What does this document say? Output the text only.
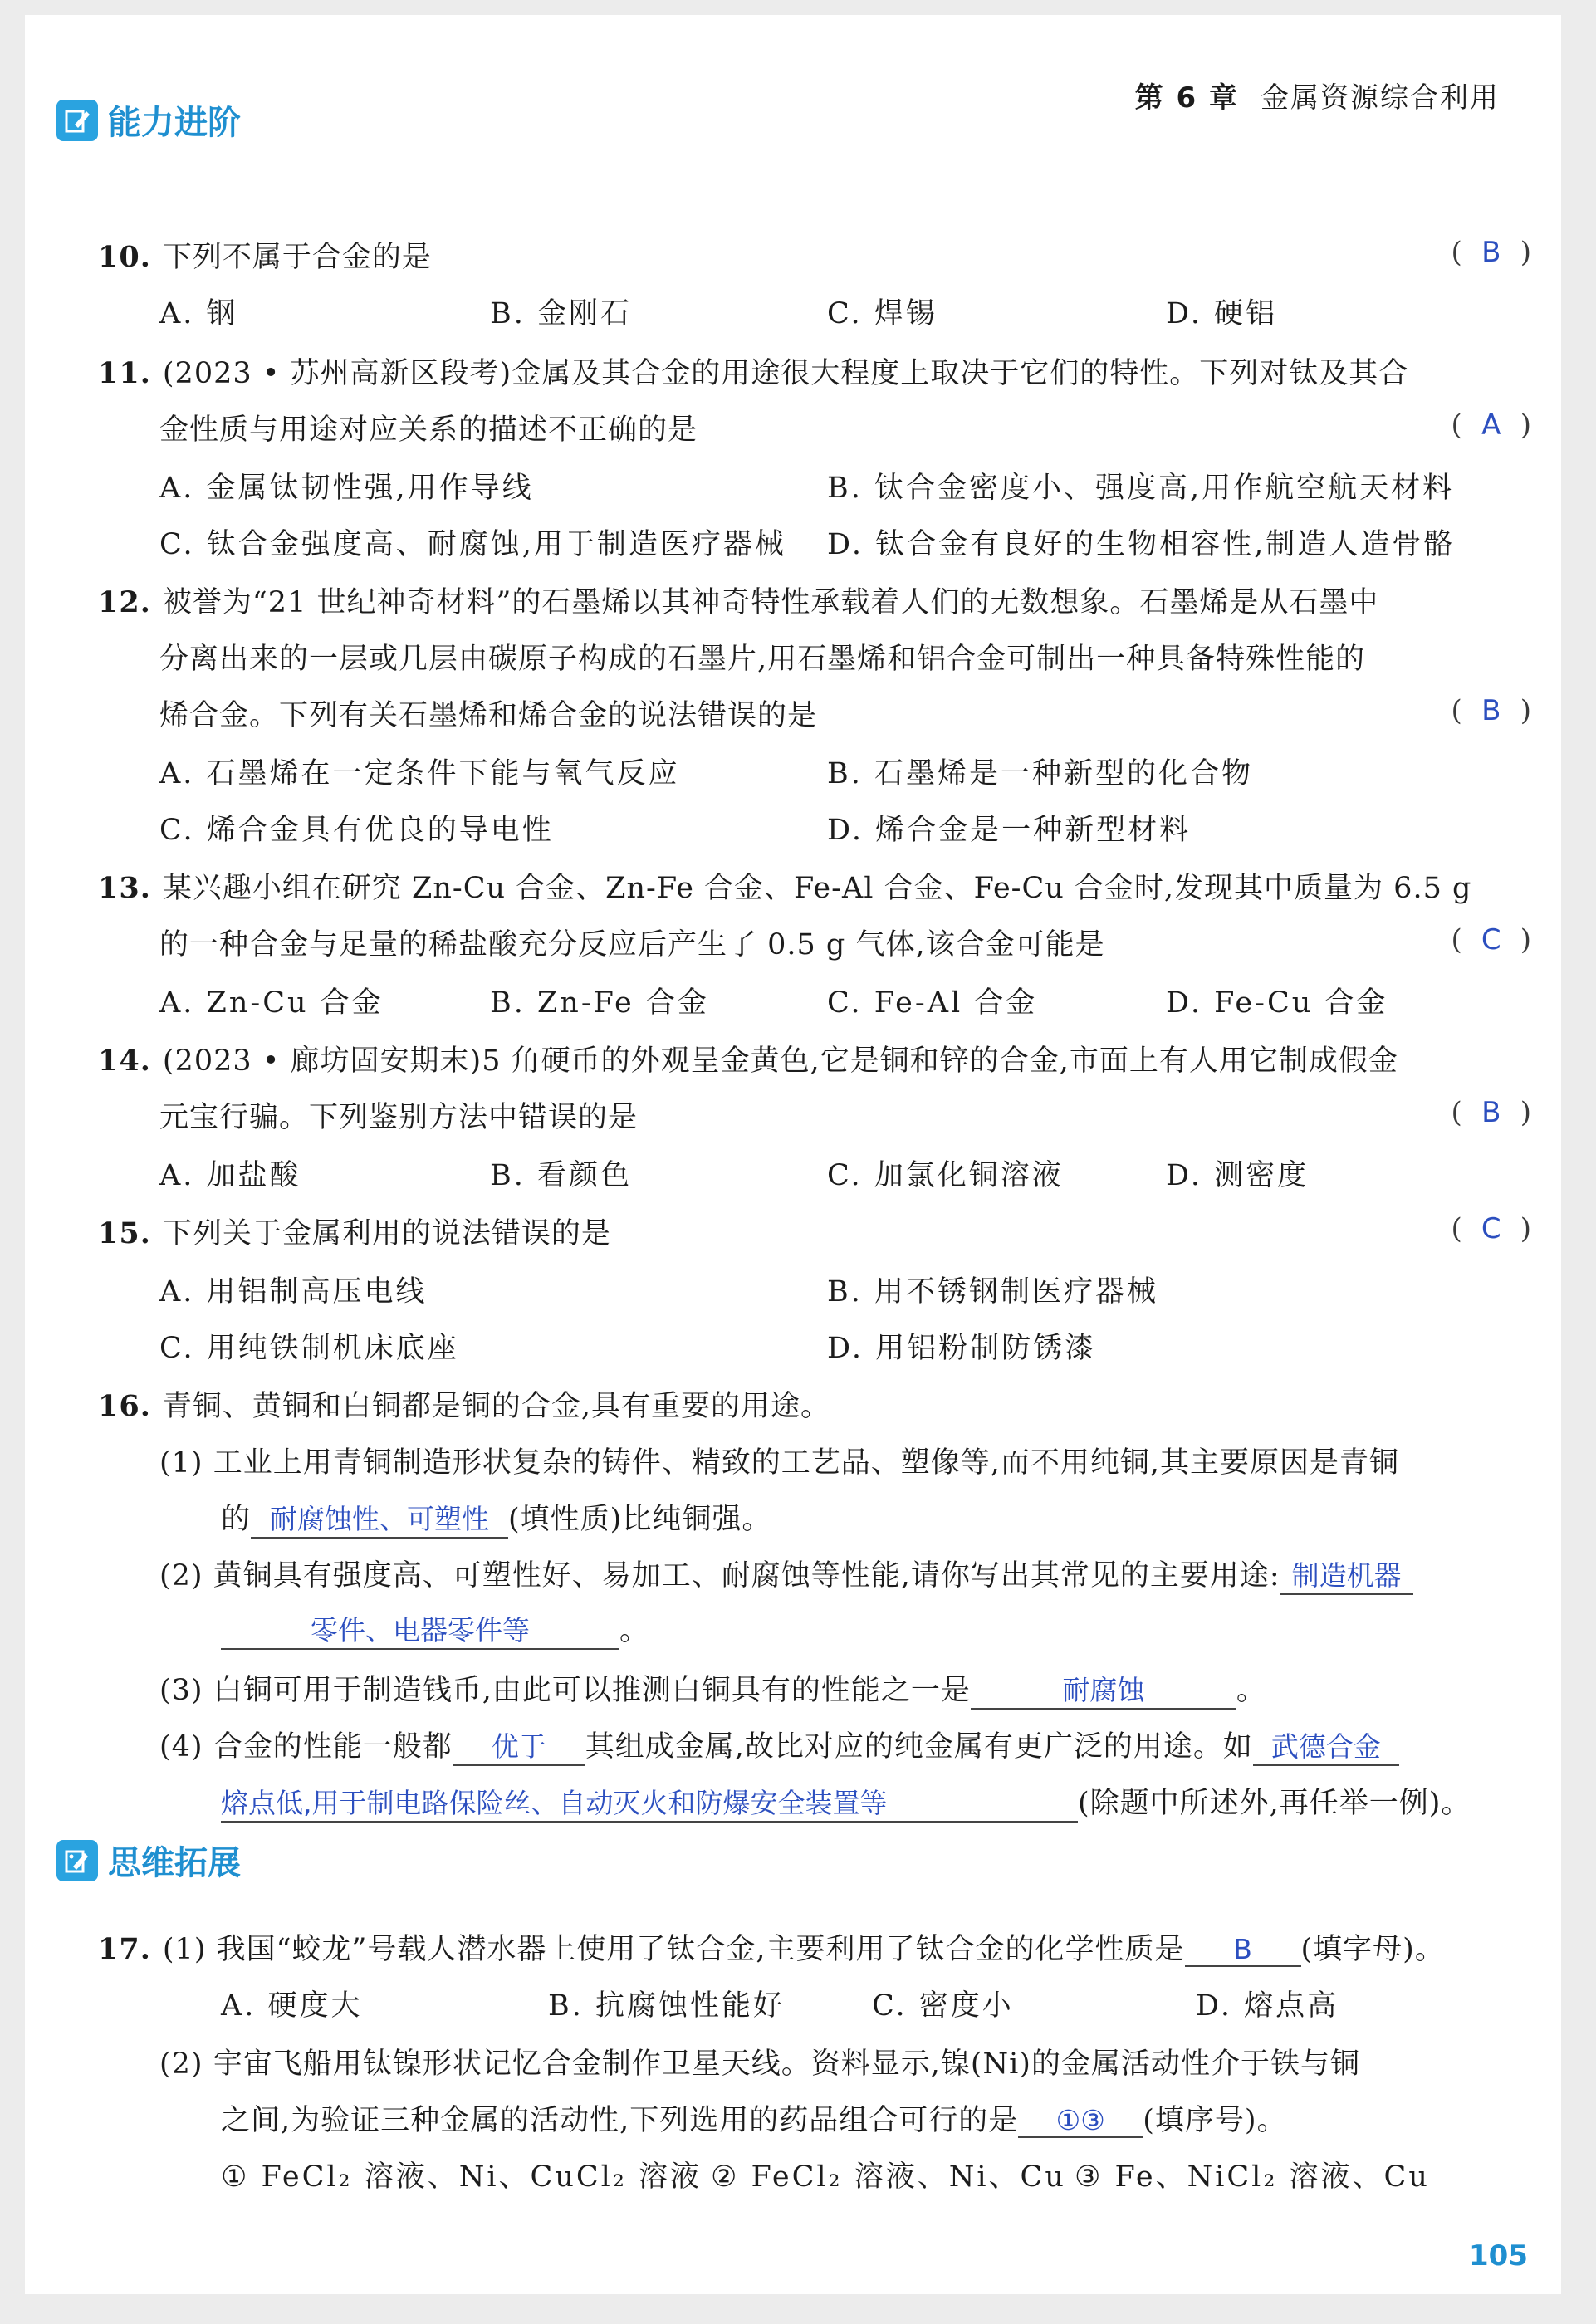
第 6 章 金属资源综合利用
能力进阶
10. 下列不属于合金的是	( B )
A. 钢	B. 金刚石	C. 焊锡	D. 硬铝
11. (2023 • 苏州高新区段考)金属及其合金的用途很大程度上取决于它们的特性。下列对钛及其合
金性质与用途对应关系的描述不正确的是	( A )
A. 金属钛韧性强,用作导线	B. 钛合金密度小、强度高,用作航空航天材料
C. 钛合金强度高、耐腐蚀,用于制造医疗器械 D. 钛合金有良好的生物相容性,制造人造骨骼
12. 被誉为“21 世纪神奇材料”的石墨烯以其神奇特性承载着人们的无数想象。石墨烯是从石墨中
分离出来的一层或几层由碳原子构成的石墨片,用石墨烯和铝合金可制出一种具备特殊性能的
烯合金。下列有关石墨烯和烯合金的说法错误的是	( B )
A. 石墨烯在一定条件下能与氧气反应	B. 石墨烯是一种新型的化合物
C. 烯合金具有优良的导电性	D. 烯合金是一种新型材料
13. 某兴趣小组在研究 Zn-Cu 合金、Zn-Fe 合金、Fe-Al 合金、Fe-Cu 合金时,发现其中质量为 6.5 g
的一种合金与足量的稀盐酸充分反应后产生了 0.5 g 气体,该合金可能是	( C )
A. Zn-Cu 合金	B. Zn-Fe 合金	C. Fe-Al 合金	D. Fe-Cu 合金
14. (2023 • 廊坊固安期末)5 角硬币的外观呈金黄色,它是铜和锌的合金,市面上有人用它制成假金
元宝行骗。下列鉴别方法中错误的是	( B )
A. 加盐酸	B. 看颜色	C. 加氯化铜溶液	D. 测密度
15. 下列关于金属利用的说法错误的是	( C )
A. 用铝制高压电线	B. 用不锈钢制医疗器械
C. 用纯铁制机床底座	D. 用铝粉制防锈漆
16. 青铜、黄铜和白铜都是铜的合金,具有重要的用途。
(1) 工业上用青铜制造形状复杂的铸件、精致的工艺品、塑像等,而不用纯铜,其主要原因是青铜
的 耐腐蚀性、可塑性 (填性质)比纯铜强。
(2) 黄铜具有强度高、可塑性好、易加工、耐腐蚀等性能,请你写出其常见的主要用途: 制造机器
零件、电器零件等	。
(3) 白铜可用于制造钱币,由此可以推测白铜具有的性能之一是	耐腐蚀	。
(4) 合金的性能一般都 优于 其组成金属,故比对应的纯金属有更广泛的用途。如 武德合金
熔点低,用于制电路保险丝、自动灭火和防爆安全装置等	(除题中所述外,再任举一例)。
思维拓展
17. (1) 我国“蛟龙”号载人潜水器上使用了钛合金,主要利用了钛合金的化学性质是 B (填字母)。
A. 硬度大	B. 抗腐蚀性能好	C. 密度小	D. 熔点高
(2) 宇宙飞船用钛镍形状记忆合金制作卫星天线。资料显示,镍(Ni)的金属活动性介于铁与铜
之间,为验证三种金属的活动性,下列选用的药品组合可行的是 ①③ (填序号)。
① FeCl₂ 溶液、Ni、CuCl₂ 溶液 ② FeCl₂ 溶液、Ni、Cu ③ Fe、NiCl₂ 溶液、Cu
105
